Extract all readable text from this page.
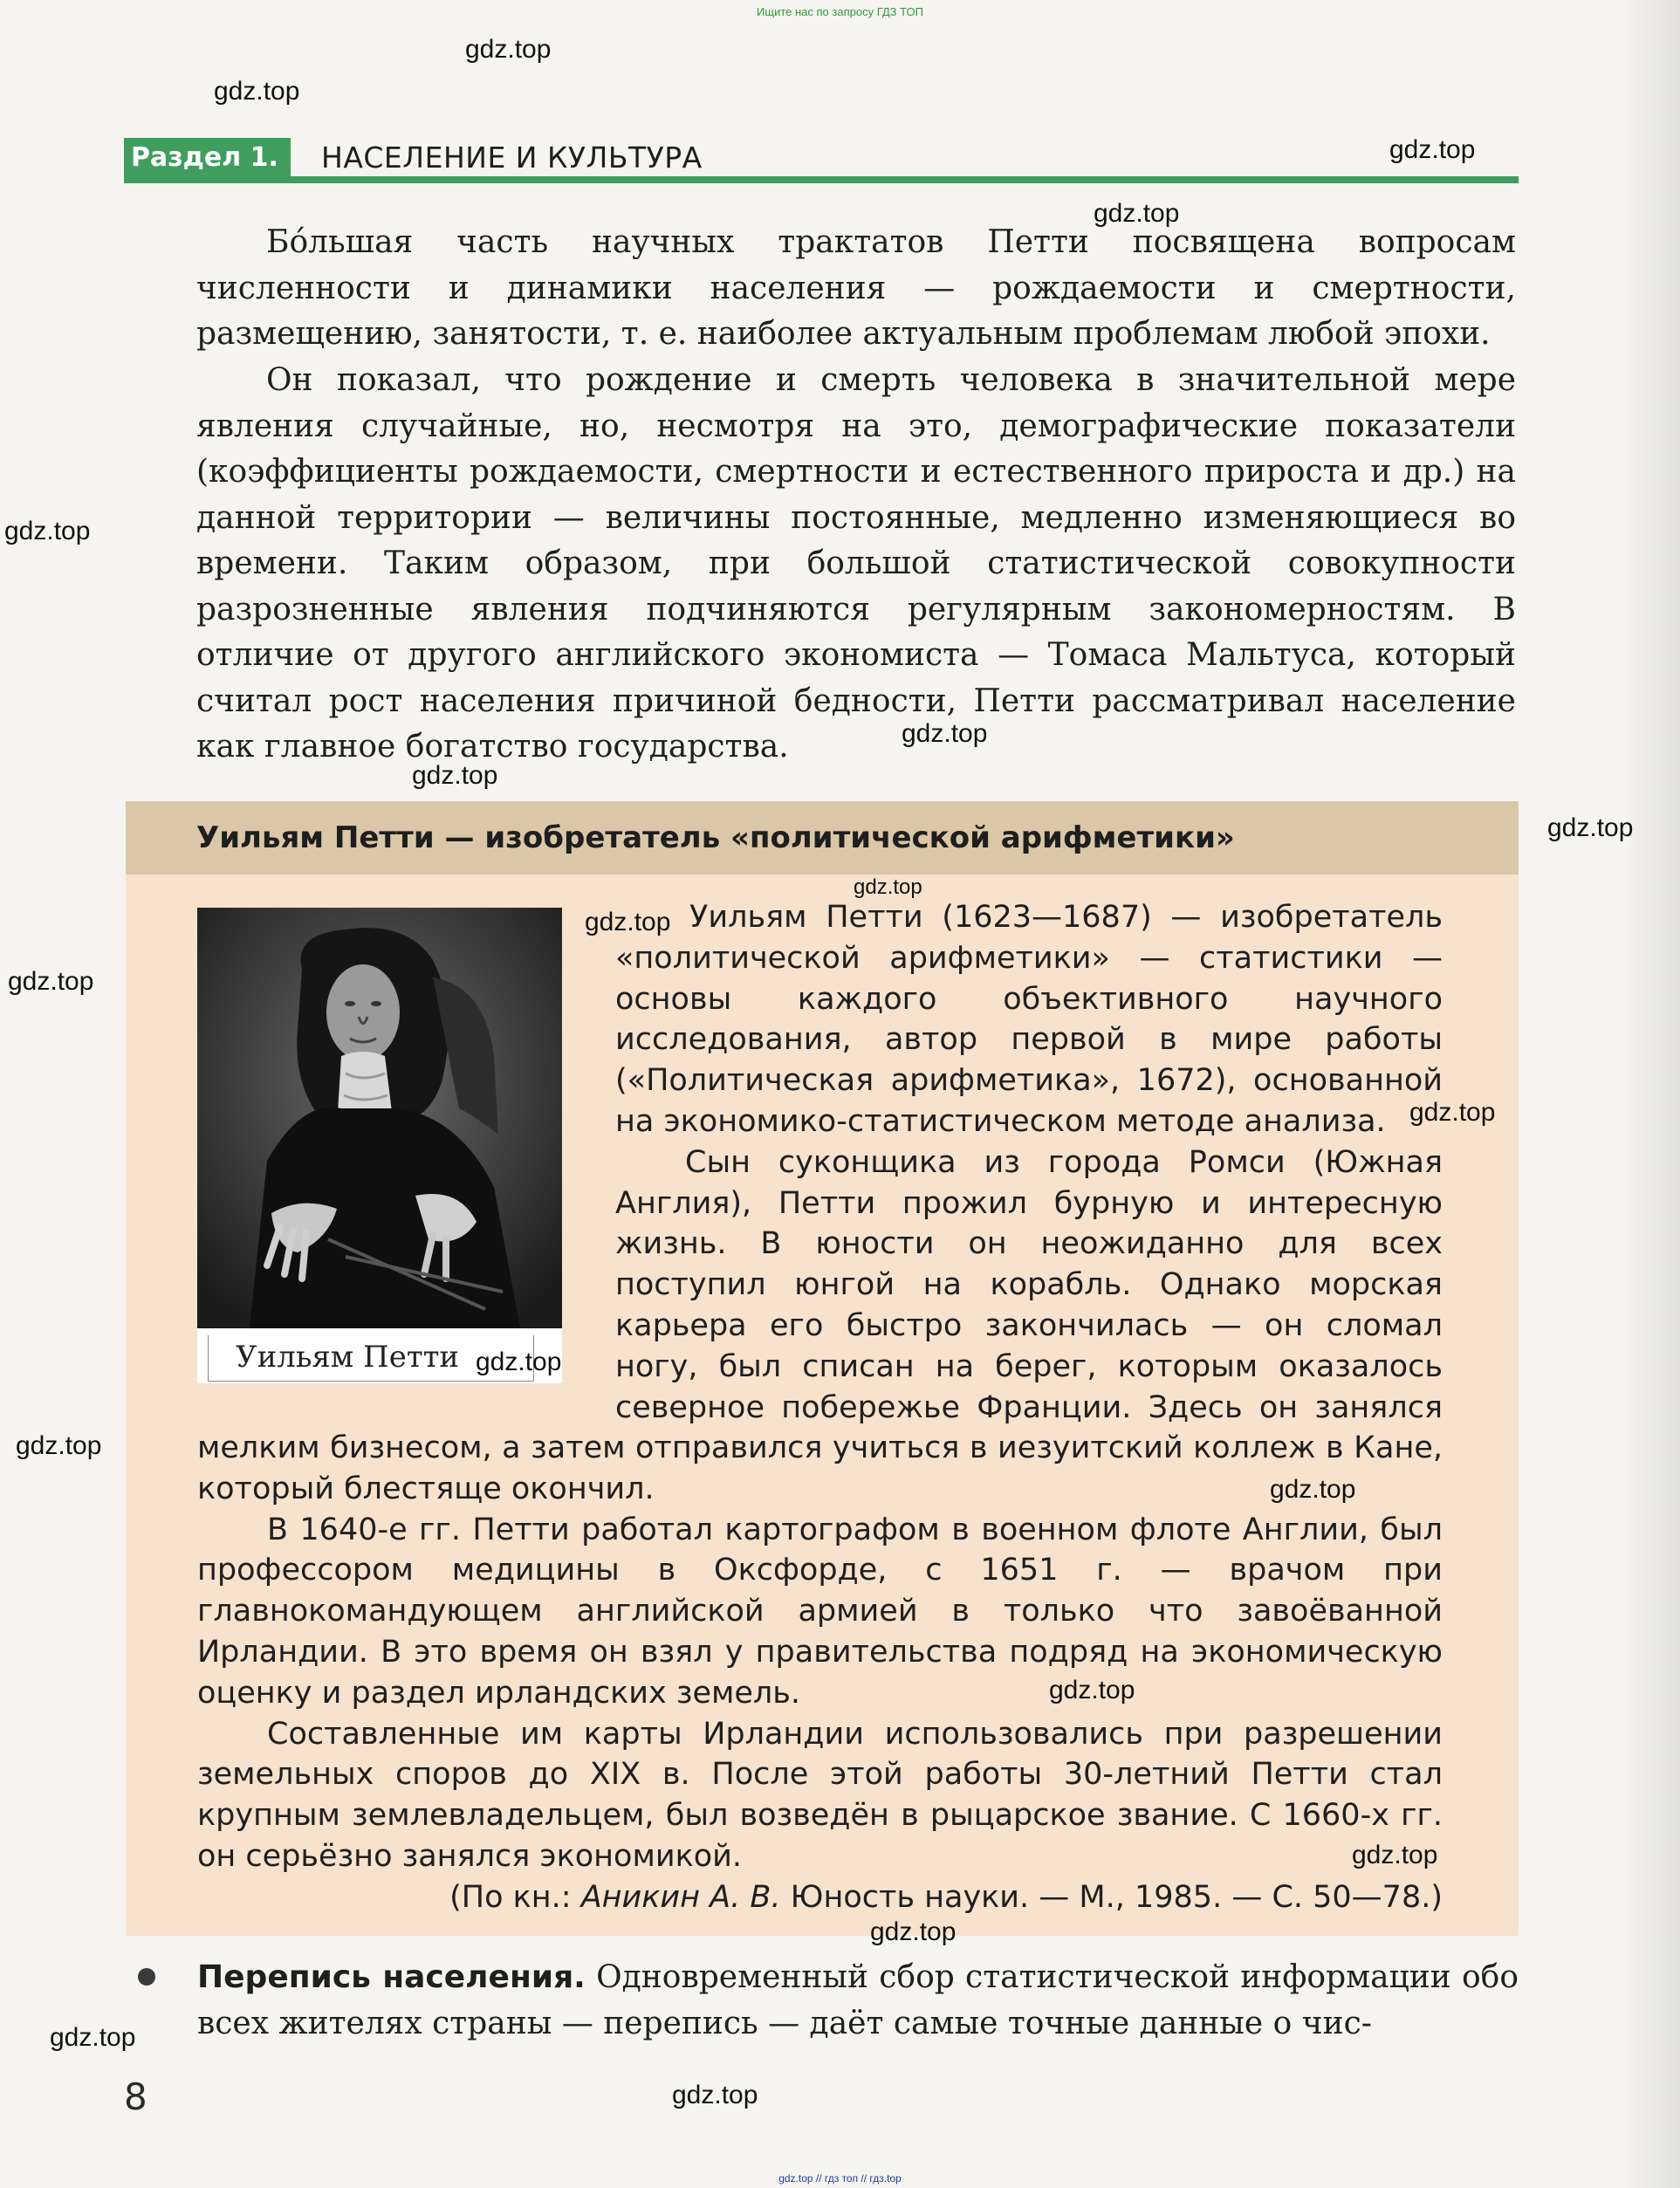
Ищите нас по запросу ГДЗ ТОП
Раздел 1.	НАСЕЛЕНИЕ И КУЛЬТУРА

Бóльшая часть научных трактатов Петти посвящена вопросам численности и динамики населения — рождаемости и смертности, размещению, занятости, т. е. наиболее актуальным проблемам любой эпохи.

Он показал, что рождение и смерть человека в значительной мере явления случайные, но, несмотря на это, демографические показатели (коэффициенты рождаемости, смертности и естественного прироста и др.) на данной территории — величины постоянные, медленно изменяющиеся во времени. Таким образом, при большой статистической совокупности разрозненные явления подчиняются регулярным закономерностям. В отличие от другого английского экономиста — Томаса Мальтуса, который считал рост населения причиной бедности, Петти рассматривал население как главное богатство государства.

Уильям Петти — изобретатель «политической арифметики»
Уильям Петти

Уильям Петти (1623—1687) — изобретатель «политической арифметики» — статистики — основы каждого объективного научного исследования, автор первой в мире работы («Политическая арифметика», 1672), основанной на экономико-статистическом методе анализа.

Сын суконщика из города Ромси (Южная Англия), Петти прожил бурную и интересную жизнь. В юности он неожиданно для всех поступил юнгой на корабль. Однако морская карьера его быстро закончилась — он сломал ногу, был списан на берег, которым оказалось северное побережье Франции. Здесь он занялся

мелким бизнесом, а затем отправился учиться в иезуитский коллеж в Кане, который блестяще окончил.

В 1640-е гг. Петти работал картографом в военном флоте Англии, был профессором медицины в Оксфорде, с 1651 г. — врачом при главнокомандующем английской армией в только что завоёванной Ирландии. В это время он взял у правительства подряд на экономическую оценку и раздел ирландских земель.

Составленные им карты Ирландии использовались при разрешении земельных споров до XIX в. После этой работы 30-летний Петти стал крупным землевладельцем, был возведён в рыцарское звание. С 1660-х гг. он серьёзно занялся экономикой.

(По кн.: Аникин А. В. Юность науки. — М., 1985. — С. 50—78.)

Перепись населения. Одновременный сбор статистической информации обо всех жителях страны — перепись — даёт самые точные данные о чис-

8
gdz.top
gdz.top
gdz.top
gdz.top
gdz.top
gdz.top
gdz.top
gdz.top
gdz.top
gdz.top
gdz.top
gdz.top
gdz.top
gdz.top
gdz.top
gdz.top
gdz.top
gdz.top
gdz.top
gdz.top
gdz.top // гдз топ // гдз.top
